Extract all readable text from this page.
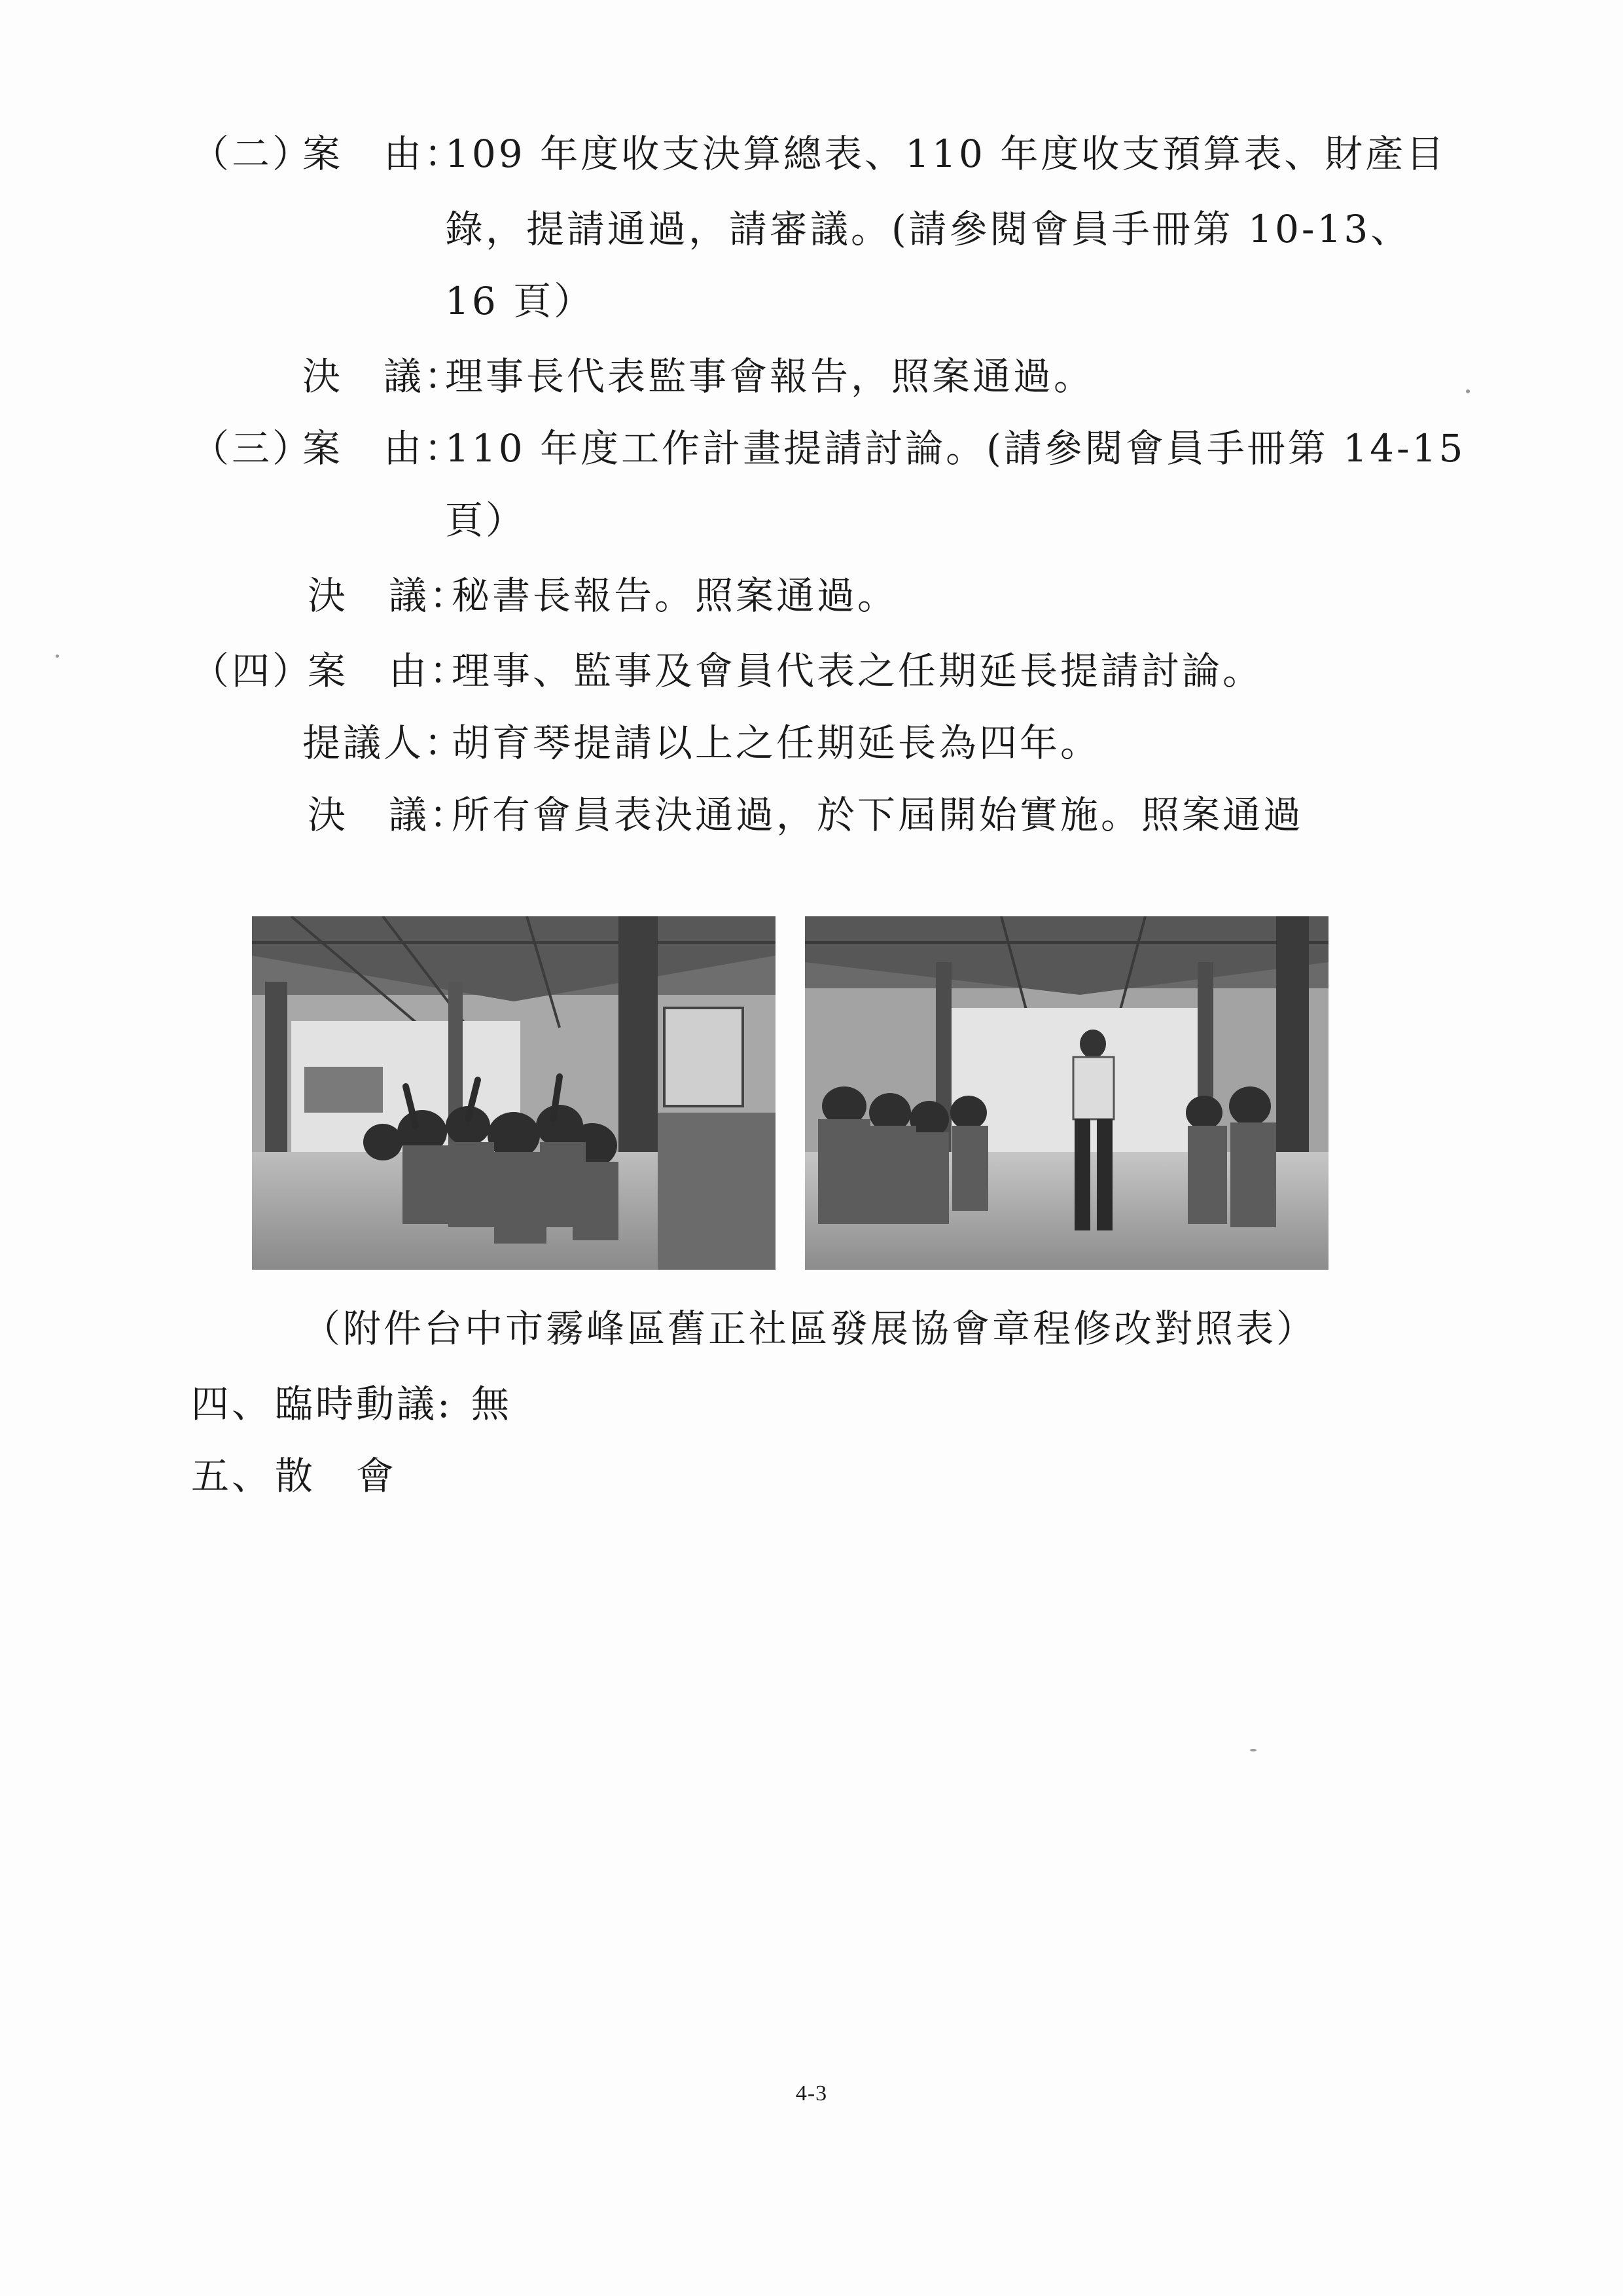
（二）
案　由：
109 年度收支決算總表、110 年度收支預算表、財產目
錄，提請通過，請審議。(請參閱會員手冊第 10-13、
16 頁）
決　議：
理事長代表監事會報告，照案通過。
（三）
案　由：
110 年度工作計畫提請討論。(請參閱會員手冊第 14-15
頁）
決　議：
秘書長報告。照案通過。
（四）
案　由：
理事、監事及會員代表之任期延長提請討論。
提議人：
胡育琴提請以上之任期延長為四年。
決　議：
所有會員表決通過，於下屆開始實施。照案通過
（附件台中市霧峰區舊正社區發展協會章程修改對照表）
四、 臨時動議: 無
五、 散　會
4-3
